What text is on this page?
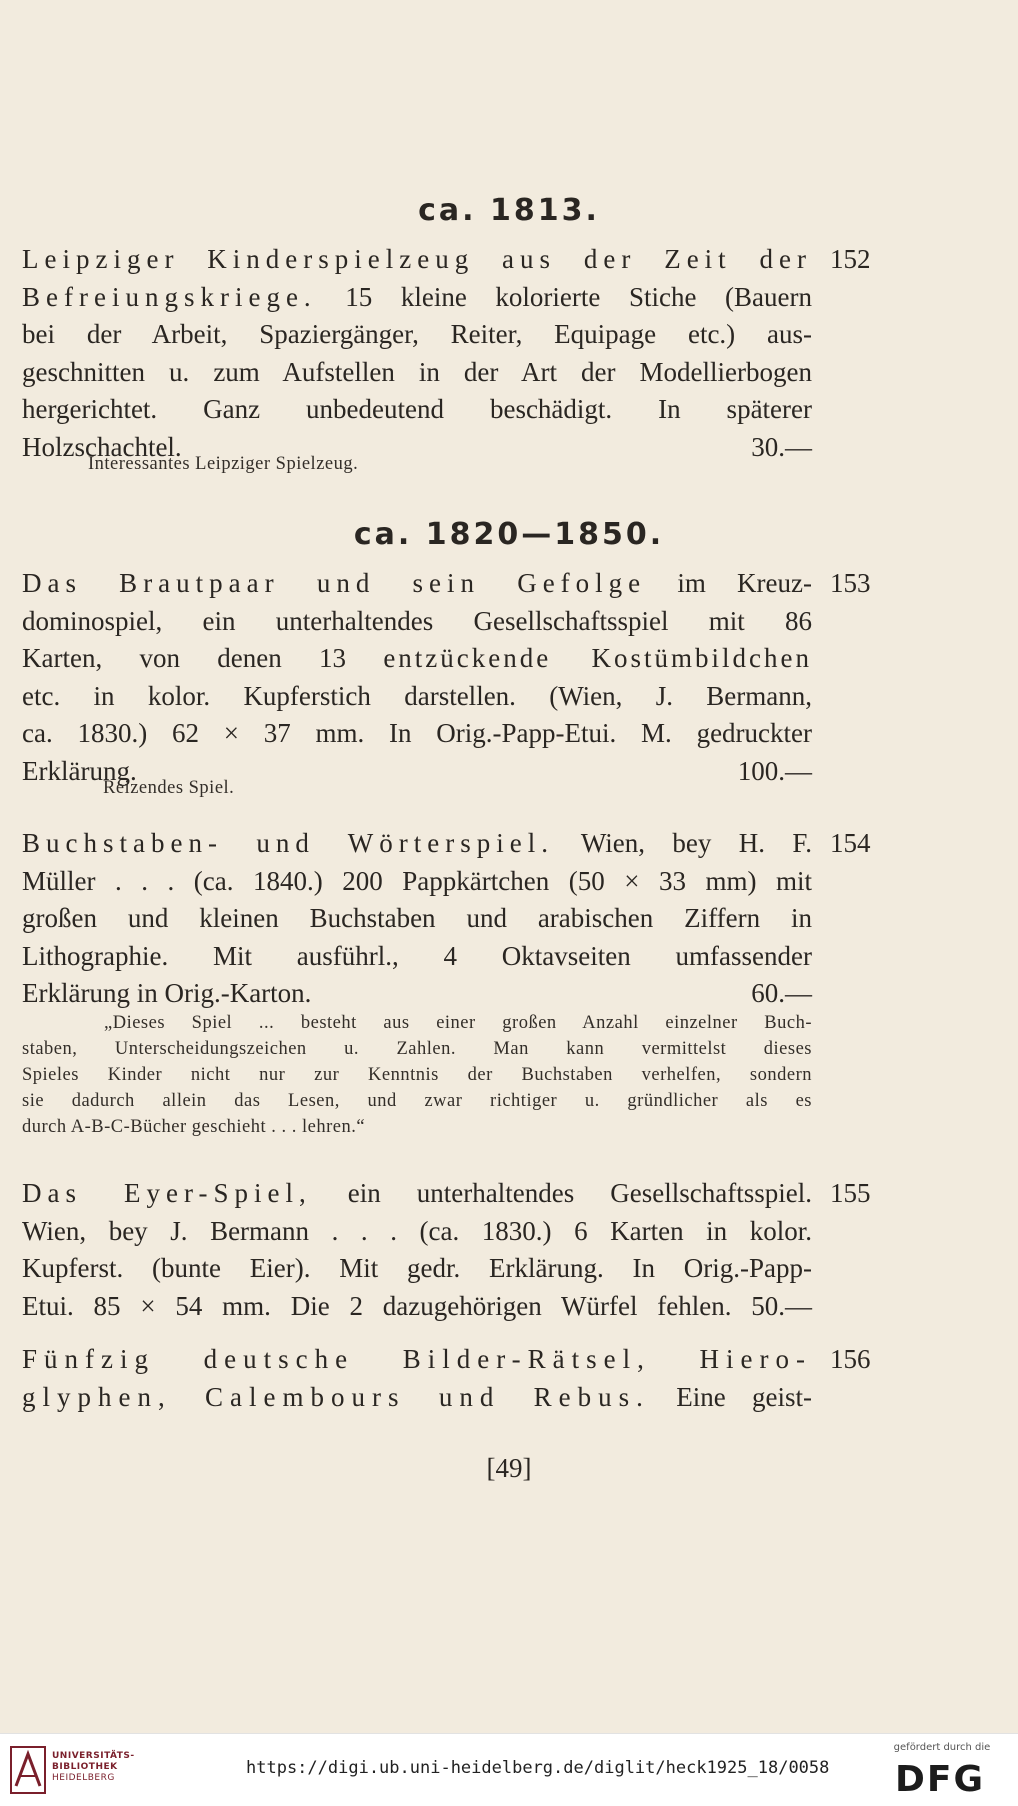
ca. 1813.
Leipziger Kinderspielzeug aus der Zeit der
Befreiungskriege. 15 kleine kolorierte Stiche (Bauern
bei der Arbeit, Spaziergänger, Reiter, Equipage etc.) aus-
geschnitten u. zum Aufstellen in der Art der Modellierbogen
hergerichtet. Ganz unbedeutend beschädigt. In späterer
Holzschachtel.	30.—
152
Interessantes Leipziger Spielzeug.
ca. 1820—1850.
Das Brautpaar und sein Gefolge im Kreuz-
dominospiel, ein unterhaltendes Gesellschaftsspiel mit 86
Karten, von denen 13 entzückende Kostümbildchen
etc. in kolor. Kupferstich darstellen. (Wien, J. Bermann,
ca. 1830.) 62 × 37 mm. In Orig.-Papp-Etui. M. gedruckter
Erklärung.	100.—
153
Reizendes Spiel.
Buchstaben- und Wörterspiel. Wien, bey H. F.
Müller . . . (ca. 1840.) 200 Pappkärtchen (50 × 33 mm) mit
großen und kleinen Buchstaben und arabischen Ziffern in
Lithographie. Mit ausführl., 4 Oktavseiten umfassender
Erklärung in Orig.-Karton.	60.—
154
„Dieses Spiel ... besteht aus einer großen Anzahl einzelner Buch-
staben, Unterscheidungszeichen u. Zahlen. Man kann vermittelst dieses
Spieles Kinder nicht nur zur Kenntnis der Buchstaben verhelfen, sondern
sie dadurch allein das Lesen, und zwar richtiger u. gründlicher als es
durch A-B-C-Bücher geschieht . . . lehren.“
Das Eyer-Spiel, ein unterhaltendes Gesellschaftsspiel.
Wien, bey J. Bermann . . . (ca. 1830.) 6 Karten in kolor.
Kupferst. (bunte Eier). Mit gedr. Erklärung. In Orig.-Papp-
Etui. 85 × 54 mm. Die 2 dazugehörigen Würfel fehlen. 50.—
155
Fünfzig deutsche Bilder-Rätsel, Hiero-
glyphen, Calembours und Rebus. Eine geist-
156
[49]
UNIVERSITÄTS-
BIBLIOTHEK
HEIDELBERG	https://digi.ub.uni-heidelberg.de/diglit/heck1925_18/0058
gefördert durch die
DFG
